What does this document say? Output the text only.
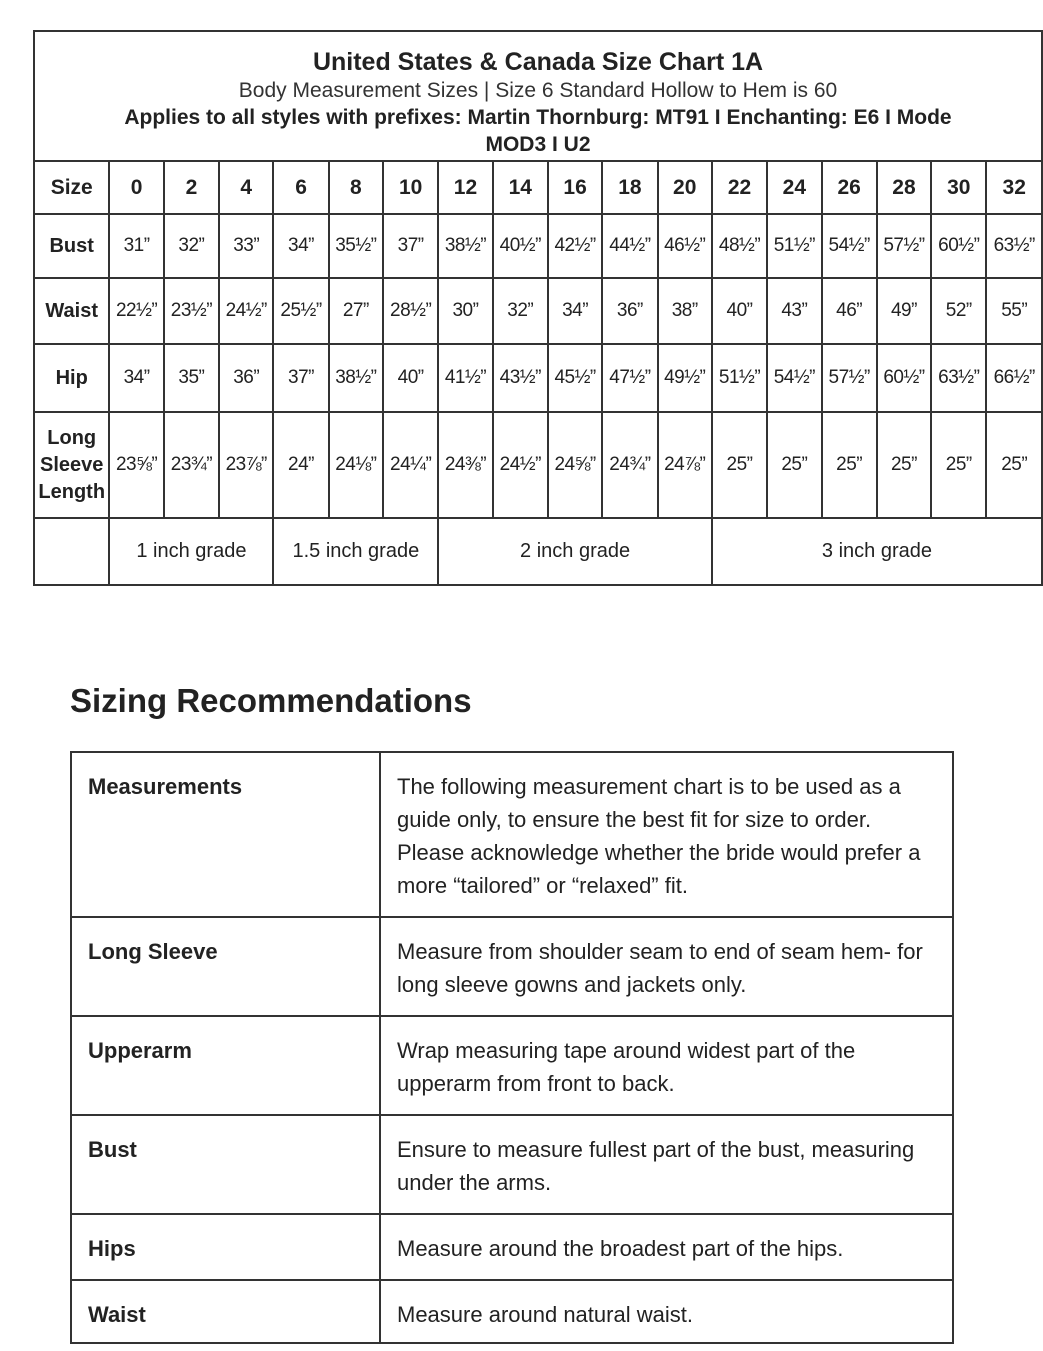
United States & Canada Size Chart 1A
Body Measurement Sizes | Size 6 Standard Hollow to Hem is 60
Applies to all styles with prefixes: Martin Thornburg: MT91 I Enchanting: E6 I Mode
MOD3 I U2																	

Size	0	2	4	6	8	10	12	14	16	18	20	22	24	26	28	30	32
Bust	31”	32”	33”	34”	35½”	37”	38½”	40½”	42½”	44½”	46½”	48½”	51½”	54½”	57½”	60½”	63½”
Waist	22½”	23½”	24½”	25½”	27”	28½”	30”	32”	34”	36”	38”	40”	43”	46”	49”	52”	55”
Hip	34”	35”	36”	37”	38½”	40”	41½”	43½”	45½”	47½”	49½”	51½”	54½”	57½”	60½”	63½”	66½”

Long
Sleeve
Length	23⅝”	23¾”	23⅞”	24”	24⅛”	24¼”	24⅜”	24½”	24⅝”	24¾”	24⅞”	25”	25”	25”	25”	25”	25”
	1 inch grade			1.5 inch grade			2 inch grade					3 inch grade					
Sizing Recommendations
Measurements	The following measurement chart is to be used as a guide only, to ensure the best fit for size to order. Please acknowledge whether the bride would prefer a more “tailored” or “relaxed” fit.
Long Sleeve	Measure from shoulder seam to end of seam hem- for long sleeve gowns and jackets only.
Upperarm	Wrap measuring tape around widest part of the upperarm from front to back.
Bust	Ensure to measure fullest part of the bust, measuring under the arms.
Hips	Measure around the broadest part of the hips.
Waist	Measure around natural waist.
